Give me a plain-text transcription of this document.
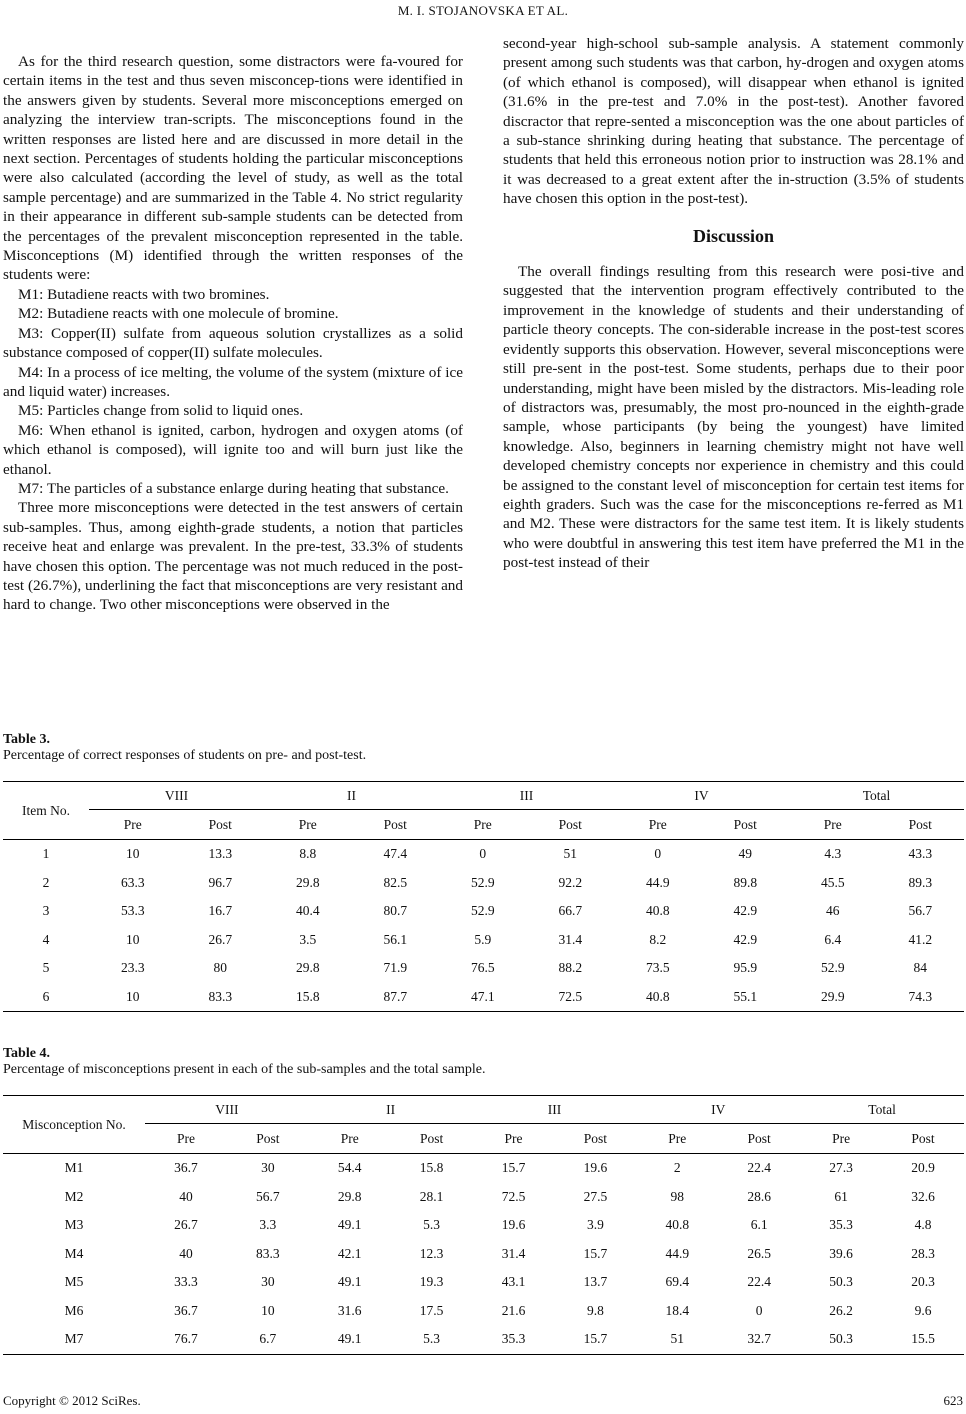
M. I. STOJANOVSKA ET AL.

As for the third research question, some distractors were fa-voured for certain items in the test and thus seven misconcep-tions were identified in the answers given by students. Several more misconceptions emerged on analyzing the interview tran-scripts. The misconceptions found in the written responses are listed here and are discussed in more detail in the next section. Percentages of students holding the particular misconceptions were also calculated (according the level of study, as well as the total sample percentage) and are summarized in the Table 4. No strict regularity in their appearance in different sub-sample students can be detected from the percentages of the prevalent misconception represented in the table. Misconceptions (M) identified through the written responses of the students were:

M1: Butadiene reacts with two bromines.

M2: Butadiene reacts with one molecule of bromine.

M3: Copper(II) sulfate from aqueous solution crystallizes as a solid substance composed of copper(II) sulfate molecules.

M4: In a process of ice melting, the volume of the system (mixture of ice and liquid water) increases.

M5: Particles change from solid to liquid ones.

M6: When ethanol is ignited, carbon, hydrogen and oxygen atoms (of which ethanol is composed), will ignite too and will burn just like the ethanol.

M7: The particles of a substance enlarge during heating that substance.

Three more misconceptions were detected in the test answers of certain sub-samples. Thus, among eighth-grade students, a notion that particles receive heat and enlarge was prevalent. In the pre-test, 33.3% of students have chosen this option. The percentage was not much reduced in the post-test (26.7%), underlining the fact that misconceptions are very resistant and hard to change. Two other misconceptions were observed in the

second-year high-school sub-sample analysis. A statement commonly present among such students was that carbon, hy-drogen and oxygen atoms (of which ethanol is composed), will disappear when ethanol is ignited (31.6% in the pre-test and 7.0% in the post-test). Another favored discractor that repre-sented a misconception was the one about particles of a sub-stance shrinking during heating that substance. The percentage of students that held this erroneous notion prior to instruction was 28.1% and it was decreased to a great extent after the in-struction (3.5% of students have chosen this option in the post-test).

Discussion

The overall findings resulting from this research were posi-tive and suggested that the intervention program effectively contributed to the improvement in the knowledge of students and their understanding of particle theory concepts. The con-siderable increase in the post-test scores evidently supports this observation. However, several misconceptions were still pre-sent in the post-test. Some students, perhaps due to their poor understanding, might have been misled by the distractors. Mis-leading role of distractors was, presumably, the most pro-nounced in the eighth-grade sample, whose participants (by being the youngest) have limited knowledge. Also, beginners in learning chemistry might not have well developed chemistry concepts nor experience in chemistry and this could be assigned to the constant level of misconception for certain test items for eighth graders. Such was the case for the misconceptions re-ferred as M1 and M2. These were distractors for the same test item. It is likely students who were doubtful in answering this test item have preferred the M1 in the post-test instead of their

Table 3.
Percentage of correct responses of students on pre- and post-test.
Item No.	VIII		II		III		IV		Total	
	Pre	Post	Pre	Post	Pre	Post	Pre	Post	Pre	Post
1	10	13.3	8.8	47.4	0	51	0	49	4.3	43.3
2	63.3	96.7	29.8	82.5	52.9	92.2	44.9	89.8	45.5	89.3
3	53.3	16.7	40.4	80.7	52.9	66.7	40.8	42.9	46	56.7
4	10	26.7	3.5	56.1	5.9	31.4	8.2	42.9	6.4	41.2
5	23.3	80	29.8	71.9	76.5	88.2	73.5	95.9	52.9	84
6	10	83.3	15.8	87.7	47.1	72.5	40.8	55.1	29.9	74.3
Table 4.
Percentage of misconceptions present in each of the sub-samples and the total sample.
Misconception No.	VIII		II		III		IV		Total	
	Pre	Post	Pre	Post	Pre	Post	Pre	Post	Pre	Post
M1	36.7	30	54.4	15.8	15.7	19.6	2	22.4	27.3	20.9
M2	40	56.7	29.8	28.1	72.5	27.5	98	28.6	61	32.6
M3	26.7	3.3	49.1	5.3	19.6	3.9	40.8	6.1	35.3	4.8
M4	40	83.3	42.1	12.3	31.4	15.7	44.9	26.5	39.6	28.3
M5	33.3	30	49.1	19.3	43.1	13.7	69.4	22.4	50.3	20.3
M6	36.7	10	31.6	17.5	21.6	9.8	18.4	0	26.2	9.6
M7	76.7	6.7	49.1	5.3	35.3	15.7	51	32.7	50.3	15.5
Copyright © 2012 SciRes.	623
